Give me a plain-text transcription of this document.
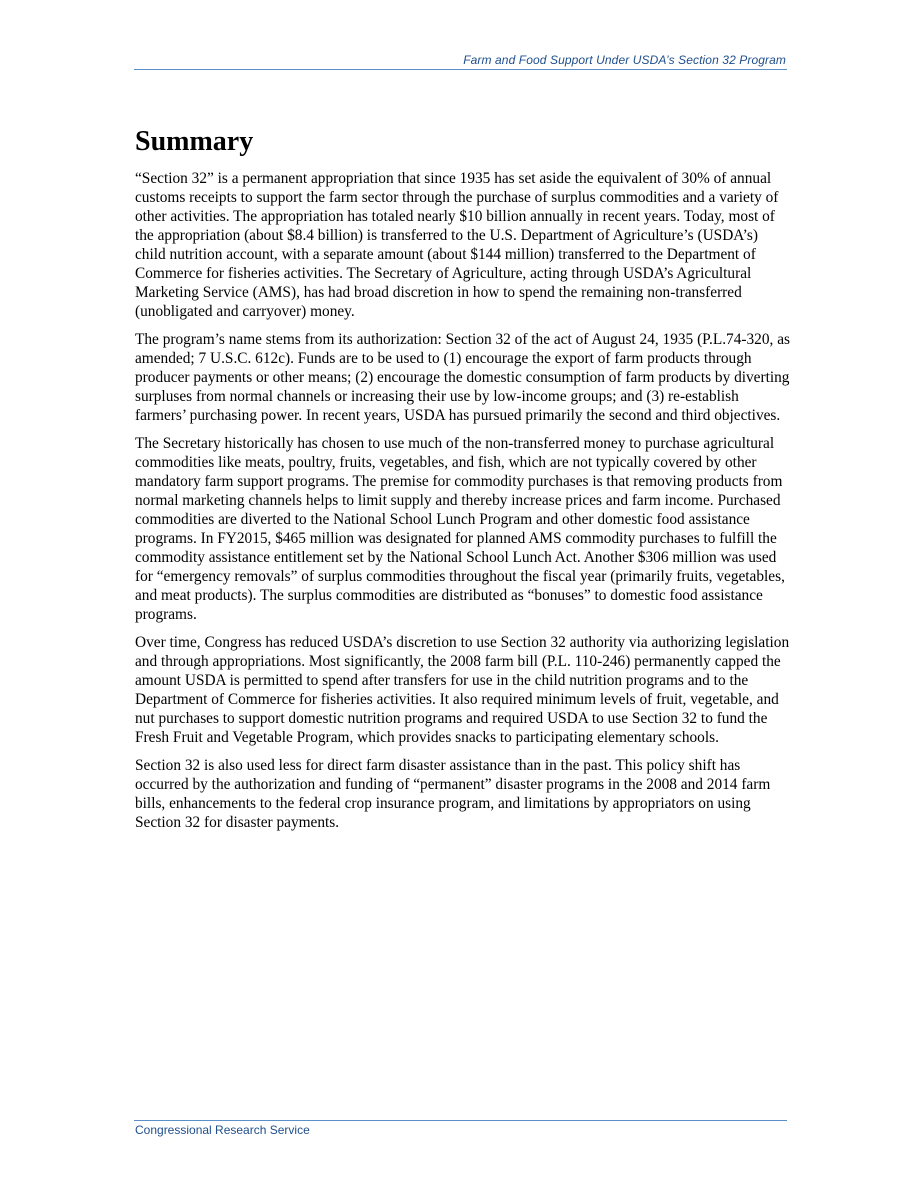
Farm and Food Support Under USDA’s Section 32 Program
Summary

“Section 32” is a permanent appropriation that since 1935 has set aside the equivalent of 30% of annual customs receipts to support the farm sector through the purchase of surplus commodities and a variety of other activities. The appropriation has totaled nearly $10 billion annually in recent years. Today, most of the appropriation (about $8.4 billion) is transferred to the U.S. Department of Agriculture’s (USDA’s) child nutrition account, with a separate amount (about $144 million) transferred to the Department of Commerce for fisheries activities. The Secretary of Agriculture, acting through USDA’s Agricultural Marketing Service (AMS), has had broad discretion in how to spend the remaining non-transferred (unobligated and carryover) money.

The program’s name stems from its authorization: Section 32 of the act of August 24, 1935 (P.L.74-320, as amended; 7 U.S.C. 612c). Funds are to be used to (1) encourage the export of farm products through producer payments or other means; (2) encourage the domestic consumption of farm products by diverting surpluses from normal channels or increasing their use by low-income groups; and (3) re-establish farmers’ purchasing power. In recent years, USDA has pursued primarily the second and third objectives.

The Secretary historically has chosen to use much of the non-transferred money to purchase agricultural commodities like meats, poultry, fruits, vegetables, and fish, which are not typically covered by other mandatory farm support programs. The premise for commodity purchases is that removing products from normal marketing channels helps to limit supply and thereby increase prices and farm income. Purchased commodities are diverted to the National School Lunch Program and other domestic food assistance programs. In FY2015, $465 million was designated for planned AMS commodity purchases to fulfill the commodity assistance entitlement set by the National School Lunch Act. Another $306 million was used for “emergency removals” of surplus commodities throughout the fiscal year (primarily fruits, vegetables, and meat products). The surplus commodities are distributed as “bonuses” to domestic food assistance programs.

Over time, Congress has reduced USDA’s discretion to use Section 32 authority via authorizing legislation and through appropriations. Most significantly, the 2008 farm bill (P.L. 110-246) permanently capped the amount USDA is permitted to spend after transfers for use in the child nutrition programs and to the Department of Commerce for fisheries activities. It also required minimum levels of fruit, vegetable, and nut purchases to support domestic nutrition programs and required USDA to use Section 32 to fund the Fresh Fruit and Vegetable Program, which provides snacks to participating elementary schools.

Section 32 is also used less for direct farm disaster assistance than in the past. This policy shift has occurred by the authorization and funding of “permanent” disaster programs in the 2008 and 2014 farm bills, enhancements to the federal crop insurance program, and limitations by appropriators on using Section 32 for disaster payments.

Congressional Research Service
